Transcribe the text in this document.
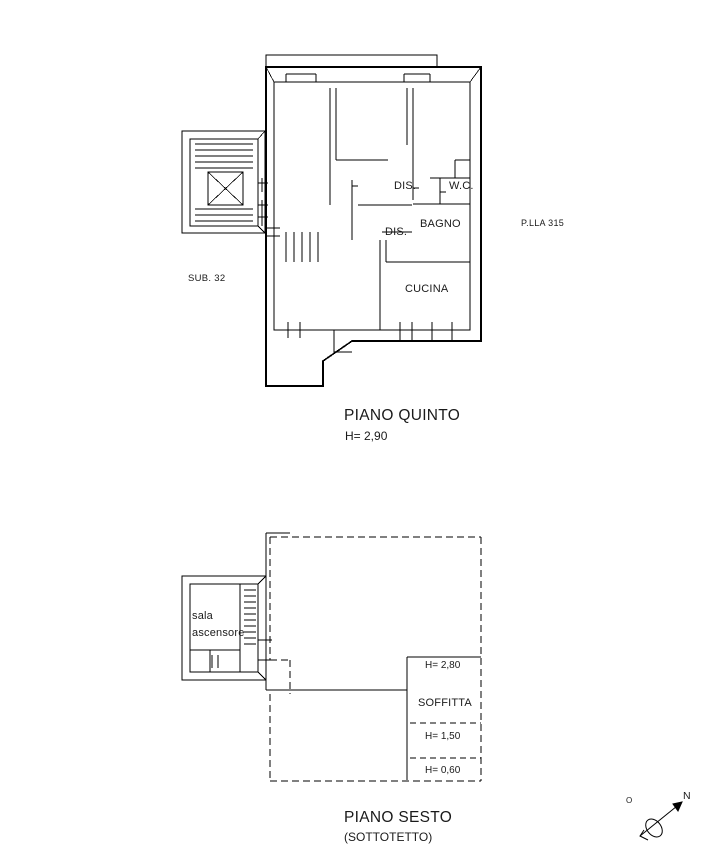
DIS.	W.C.
DIS.
BAGNO
CUCINA
P.LLA 315
SUB. 32
PIANO QUINTO
H= 2,90
sala
ascensore
H= 2,80
SOFFITTA
H= 1,50
H= 0,60
PIANO SESTO
(SOTTOTETTO)
N
O
